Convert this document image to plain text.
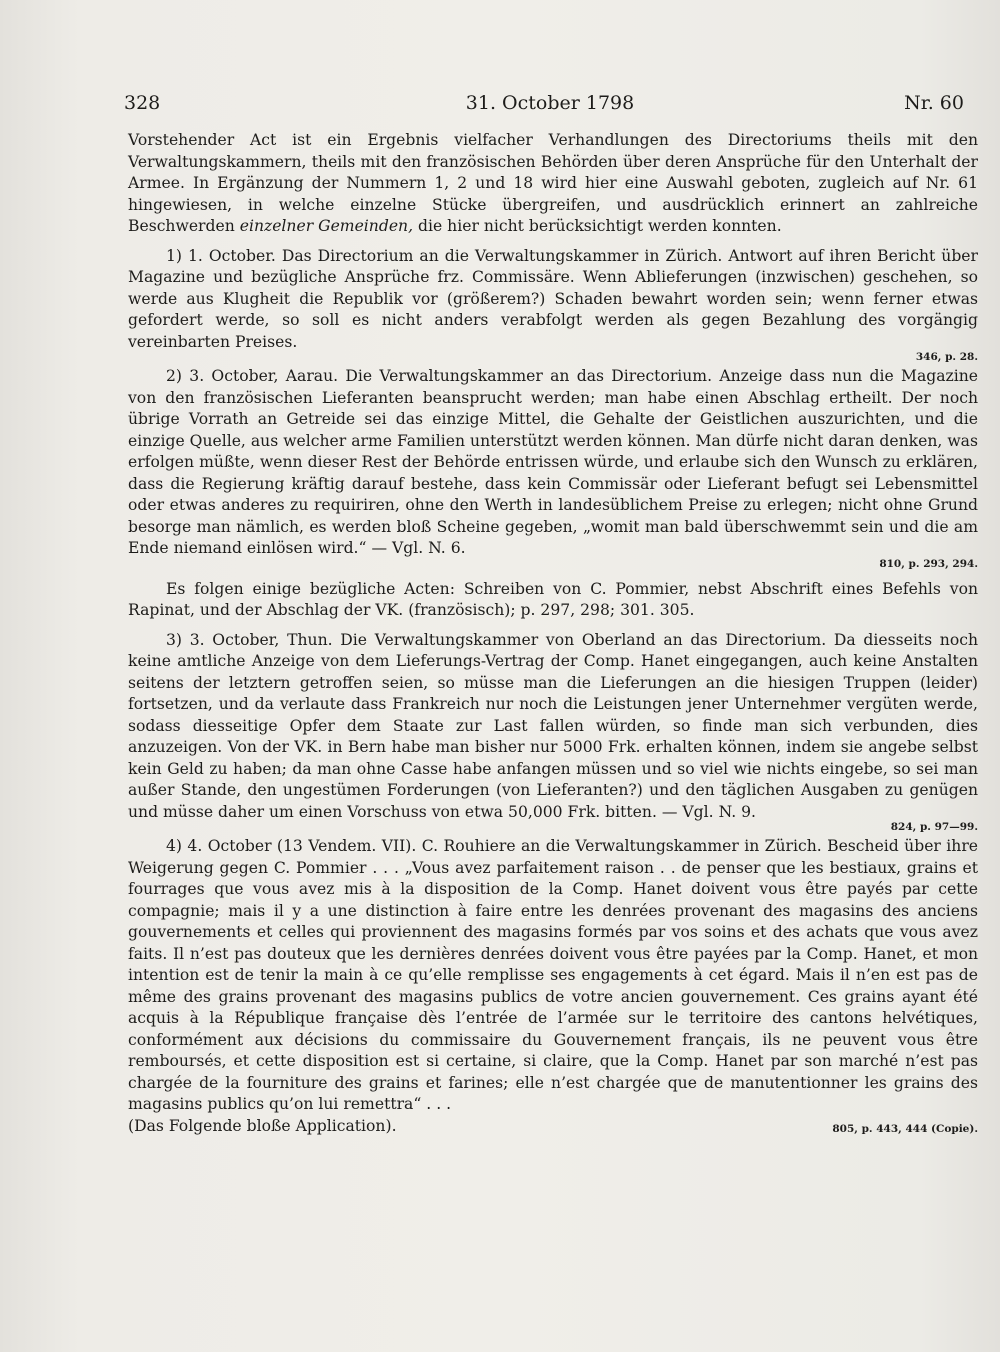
328	31. October 1798	Nr. 60

Vorstehender Act ist ein Ergebnis vielfacher Verhandlungen des Directoriums theils mit den Verwaltungskammern, theils mit den französischen Behörden über deren Ansprüche für den Unterhalt der Armee. In Ergänzung der Nummern 1, 2 und 18 wird hier eine Auswahl geboten, zugleich auf Nr. 61 hingewiesen, in welche einzelne Stücke übergreifen, und ausdrücklich erinnert an zahlreiche Beschwerden einzelner Gemeinden, die hier nicht berücksichtigt werden konnten.

1) 1. October. Das Directorium an die Verwaltungskammer in Zürich. Antwort auf ihren Bericht über Magazine und bezügliche Ansprüche frz. Commissäre. Wenn Ablieferungen (inzwischen) geschehen, so werde aus Klugheit die Republik vor (größerem?) Schaden bewahrt worden sein; wenn ferner etwas gefordert werde, so soll es nicht anders verabfolgt werden als gegen Bezahlung des vorgängig vereinbarten Preises.

346, p. 28.

2) 3. October, Aarau. Die Verwaltungskammer an das Directorium. Anzeige dass nun die Magazine von den französischen Lieferanten beansprucht werden; man habe einen Abschlag ertheilt. Der noch übrige Vorrath an Getreide sei das einzige Mittel, die Gehalte der Geistlichen auszurichten, und die einzige Quelle, aus welcher arme Familien unterstützt werden können. Man dürfe nicht daran denken, was erfolgen müßte, wenn dieser Rest der Behörde entrissen würde, und erlaube sich den Wunsch zu erklären, dass die Regierung kräftig darauf bestehe, dass kein Commissär oder Lieferant befugt sei Lebensmittel oder etwas anderes zu requiriren, ohne den Werth in landesüblichem Preise zu erlegen; nicht ohne Grund besorge man nämlich, es werden bloß Scheine gegeben, „womit man bald überschwemmt sein und die am Ende niemand einlösen wird.“ — Vgl. N. 6.

810, p. 293, 294.

Es folgen einige bezügliche Acten: Schreiben von C. Pommier, nebst Abschrift eines Befehls von Rapinat, und der Abschlag der VK. (französisch); p. 297, 298; 301. 305.

3) 3. October, Thun. Die Verwaltungskammer von Oberland an das Directorium. Da diesseits noch keine amtliche Anzeige von dem Lieferungs-Vertrag der Comp. Hanet eingegangen, auch keine Anstalten seitens der letztern getroffen seien, so müsse man die Lieferungen an die hiesigen Truppen (leider) fortsetzen, und da verlaute dass Frankreich nur noch die Leistungen jener Unternehmer vergüten werde, sodass diesseitige Opfer dem Staate zur Last fallen würden, so finde man sich verbunden, dies anzuzeigen. Von der VK. in Bern habe man bisher nur 5000 Frk. erhalten können, indem sie angebe selbst kein Geld zu haben; da man ohne Casse habe anfangen müssen und so viel wie nichts eingebe, so sei man außer Stande, den ungestümen Forderungen (von Lieferanten?) und den täglichen Ausgaben zu genügen und müsse daher um einen Vorschuss von etwa 50,000 Frk. bitten. — Vgl. N. 9.

824, p. 97—99.

4) 4. October (13 Vendem. VII). C. Rouhiere an die Verwaltungskammer in Zürich. Bescheid über ihre Weigerung gegen C. Pommier . . . „Vous avez parfaitement raison . . de penser que les bestiaux, grains et fourrages que vous avez mis à la disposition de la Comp. Hanet doivent vous être payés par cette compagnie; mais il y a une distinction à faire entre les denrées provenant des magasins des anciens gouvernements et celles qui proviennent des magasins formés par vos soins et des achats que vous avez faits. Il n’est pas douteux que les dernières denrées doivent vous être payées par la Comp. Hanet, et mon intention est de tenir la main à ce qu’elle remplisse ses engagements à cet égard. Mais il n’en est pas de même des grains provenant des magasins publics de votre ancien gouvernement. Ces grains ayant été acquis à la République française dès l’entrée de l’armée sur le territoire des cantons helvétiques, conformément aux décisions du commissaire du Gouvernement français, ils ne peuvent vous être remboursés, et cette disposition est si certaine, si claire, que la Comp. Hanet par son marché n’est pas chargée de la fourniture des grains et farines; elle n’est chargée que de manutentionner les grains des magasins publics qu’on lui remettra“ . . .

805, p. 443, 444 (Copie).
(Das Folgende bloße Application).
